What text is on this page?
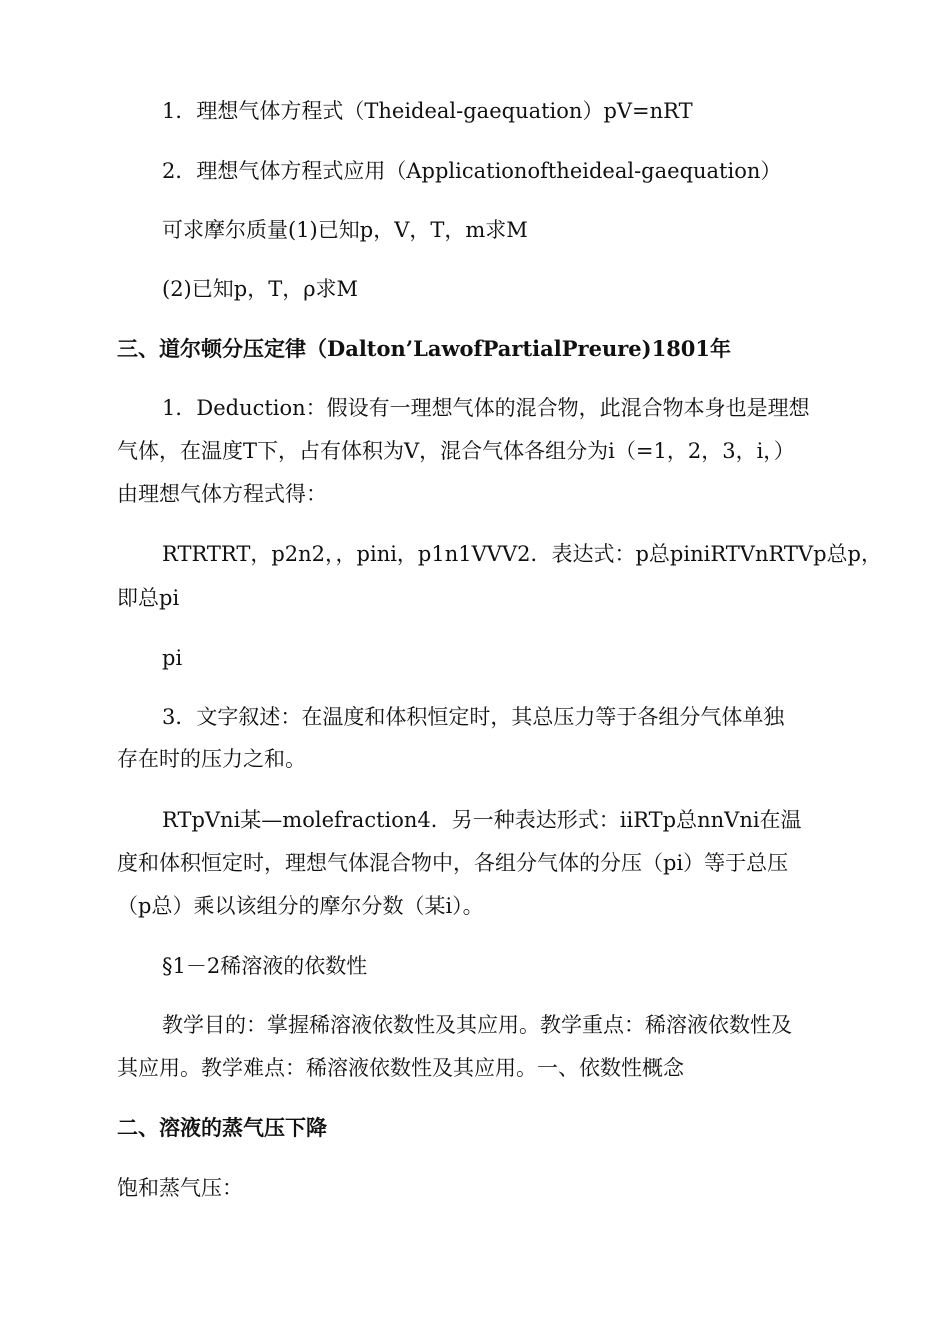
1．理想气体方程式（Theideal-gaequation）pV=nRT
2．理想气体方程式应用（Applicationoftheideal-gaequation）
可求摩尔质量(1)已知p，V，T，m求M
(2)已知p，T，ρ求M
三、道尔顿分压定律（Dalton’LawofPartialPreure)1801年
1．Deduction：假设有一理想气体的混合物，此混合物本身也是理想
气体，在温度T下，占有体积为V，混合气体各组分为i（=1，2，3，i，）
由理想气体方程式得：
RTRTRT，p2n2，，pini，p1n1VVV2．表达式：p总piniRTVnRTVp总p，
即总pi
pi
3．文字叙述：在温度和体积恒定时，其总压力等于各组分气体单独
存在时的压力之和。
RTpVni某—molefraction4．另一种表达形式：iiRTp总nnVni在温
度和体积恒定时，理想气体混合物中，各组分气体的分压（pi）等于总压
（p总）乘以该组分的摩尔分数（某i）。
§1－2稀溶液的依数性
教学目的：掌握稀溶液依数性及其应用。教学重点：稀溶液依数性及
其应用。教学难点：稀溶液依数性及其应用。一、依数性概念
二、溶液的蒸气压下降
饱和蒸气压：
